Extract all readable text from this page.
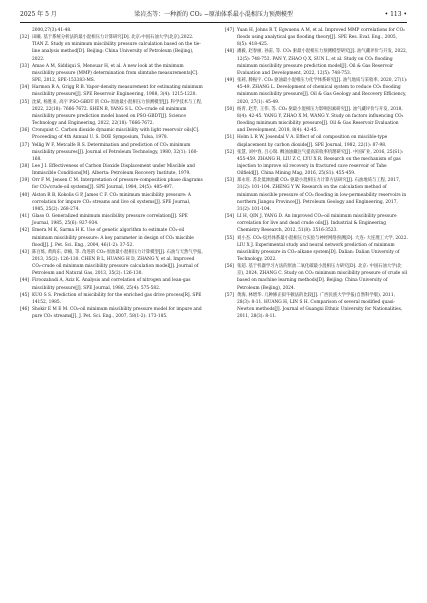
2025 年 5 月	梁岩杰等：一种新的 CO₂ −原油体系最小混相压力预测模型	• 113 •
2000,27(3):41-48.
[32] 田曦. 基于系统分析法的最小混相压力计算研究[D]. 北京:中国石油大学(北京),2022. TIAN Z. Study on minimum miscibility pressure calculation based on the tie-line analysis method[D]. Beijing: China University of Petroleum (Beijing), 2022.
[33] Amao A M, Siddiqui S, Menouar H, et al. A new look at the minimum miscibility pressure (MMP) determination from slimtube measurements[C]. SPE, 2012, SPE-153383-MS.
[34] Harmon R A, Grigg R B. Vapor-density measurement for estimating minimum miscibility pressure[J]. SPE Reservoir Engineering, 1988, 3(4): 1215-1220.
[35] 沈斌, 杨胜来, 高宇 PSO-GBDT 的 CO₂-原油最小混相压力预测模型[J]. 科学技术与工程, 2022, 22(18): 7666-7672. SHEN B, YANG S L. CO₂-crude oil minimum miscibility pressure prediction model based on PSO-GBDT[J]. Science Technology and Engineering, 2022, 22(18): 7666-7672.
[36] Cronquist C. Carbon dioxide dynamic miscibility with light reservoir oils[C]. Proceeding of 4th Annual U. S. DOE Symposium, Tulsa, 1978.
[37] Yellig W F, Metcalfe R S. Determination and prediction of CO₂ minimum miscibility pressures[J]. Journal of Petroleum Technology, 1980, 32(1): 160-168.
[38] Lee J I. Effectiveness of Carbon Dioxide Displacement under Miscible and Immiscible Conditions[M]. Alberta: Petroleum Recovery Institute, 1979.
[39] Orr F M, Jensen C M. Interpretation of pressure-composition phase diagrams for CO₂/crude-oil systems[J]. SPE Journal, 1984, 24(5): 485-497.
[40] Alston R B, Kokolis G P, James C F. CO₂ minimum miscibility pressure: A correlation for impure CO₂ streams and live oil systems[J]. SPE Journal, 1985, 25(2): 268-274.
[41] Glaso O. Generalized minimum miscibility pressure correlation[J]. SPE Journal, 1985, 25(6): 927-934.
[42] Emera M K, Sarma H K. Use of genetic algorithm to estimate CO₂-oil minimum miscibility pressure: A key parameter in design of CO₂ miscible flood[J]. J. Pet. Sci. Eng., 2004, 46(1-2): 37-52.
[43] 陈百炼, 黄海东, 章楠, 等. 改进的 CO₂-原油最小混相压力计算模型[J]. 石油与天然气学报, 2013, 35(2): 126-130. CHEN B L, HUANG H D, ZHANG Y, et al. Improved CO₂-crude oil minimum miscibility pressure calculation model[J]. Journal of Petroleum and Natural Gas, 2013, 35(2): 126-130.
[44] Firoozabadi A, Aziz K. Analysis and correlation of nitrogen and lean-gas miscibility pressure[J]. SPE Journal, 1986, 25(4): 575-582.
[45] KUO S S. Prediction of miscibility for the enriched gas drive process[R]. SPE 14152, 1985.
[46] Shokir E M E M. CO₂-oil minimum miscibility pressure model for impure and pure CO₂ streams[J]. J. Pet. Sci. Eng., 2007, 58(1-2): 173-185.
[47] Yuan H, Johns R T, Egwuenu A M, et al. Improved MMP correlations for CO₂ floods using analytical gas flooding theory[J]. SPE Res. Eval. Eng., 2005, 8(5): 418-425.
[48] 潘毅, 赵春丽, 孙雷, 等. CO₂ 驱最小混相压力预测模型研究[J]. 油气藏评价与开发, 2022, 12(5): 748-753. PAN Y, ZHAO Q X, SUN L, et al. Study on CO₂ flooding minimum miscibility pressure prediction model[J]. Oil & Gas Reservoir Evaluation and Development, 2022, 12(5): 748-753.
[49] 张莉, 滕振宇. CO₂ 驱油最小混相压力化学体系研究[J]. 油气地质与采收率, 2020, 27(1): 45-49. ZHANG L. Development of chemical system to reduce CO₂ flooding minimum miscibility pressure[J]. Oil & Gas Geology and Recovery Efficiency, 2020, 27(1): 45-49.
[50] 杨青, 赵芳, 王伟, 等. CO₂ 驱最小混相压力影响因素研究[J]. 油气藏评价与开发, 2018, 8(4): 42-45. YANG Y, ZHAO X M, WANG Y. Study on factors influencing CO₂ flooding minimum miscibility pressure[J]. Oil & Gas Reservoir Evaluation and Development, 2018, 8(4): 42-45.
[51] Holm L R W, Josendal V A. Effect of oil composition on miscible-type displacement by carbon dioxide[J]. SPE Journal, 1982, 22(1): 87-98.
[52] 张慧, 刘中春, 吕心瑞. 稠油油藏注气提高采收率机理研究[J]. 中国矿业, 2016, 25(S1): 455-459. ZHANG H, LIU Z C, LYU X R. Research on the mechanism of gas injection to improve oil recovery in fractured cave reservoir of Tahe Oilfield[J]. China Mining Mag, 2016, 25(S1): 455-459.
[53] 郑永旺. 苏北低渗油藏 CO₂ 驱最小混相压力计算方法研究[J]. 石油地质与工程, 2017, 31(2): 101-104. ZHENG Y W. Research on the calculation method of minimum miscible pressure of CO₂ flooding in low-permeability reservoirs in northern Jiangsu Province[J]. Petroleum Geology and Engineering, 2017, 31(2): 101-104.
[54] LI H, QIN J, YANG D. An improved CO₂-oil minimum miscibility pressure correlation for live and dead crude oils[J]. Industrial & Engineering Chemistry Research, 2012, 51(8): 3516-3523.
[55] 刘小杰. CO₂-烷烃体系最小混相压力实验与神经网络预测[D]. 大连: 大连理工大学, 2022. LIU X J. Experimental study and neural network prediction of minimum miscibility pressure in CO₂-alkane system[D]. Dalian: Dalian University of Technology, 2022.
[56] 张超. 基于机器学习方法的原油二氧化碳最小混相压力研究[D]. 北京: 中国石油大学(北京), 2024. ZHANG C. Study on CO₂ minimum miscibility pressure of crude oil based on machine learning methods[D]. Beijing: China University of Petroleum (Beijing), 2024.
[57] 黄海, 林增华. 几种修正拟牛顿法的比较[J]. 广西民族大学学报(自然科学版), 2011, 28(3): 8-11. HUANG H, LIN S H. Comparison of several modified quasi-Newton methods[J]. Journal of Guangxi Ethnic University for Nationalities, 2011, 28(3): 8-11.
